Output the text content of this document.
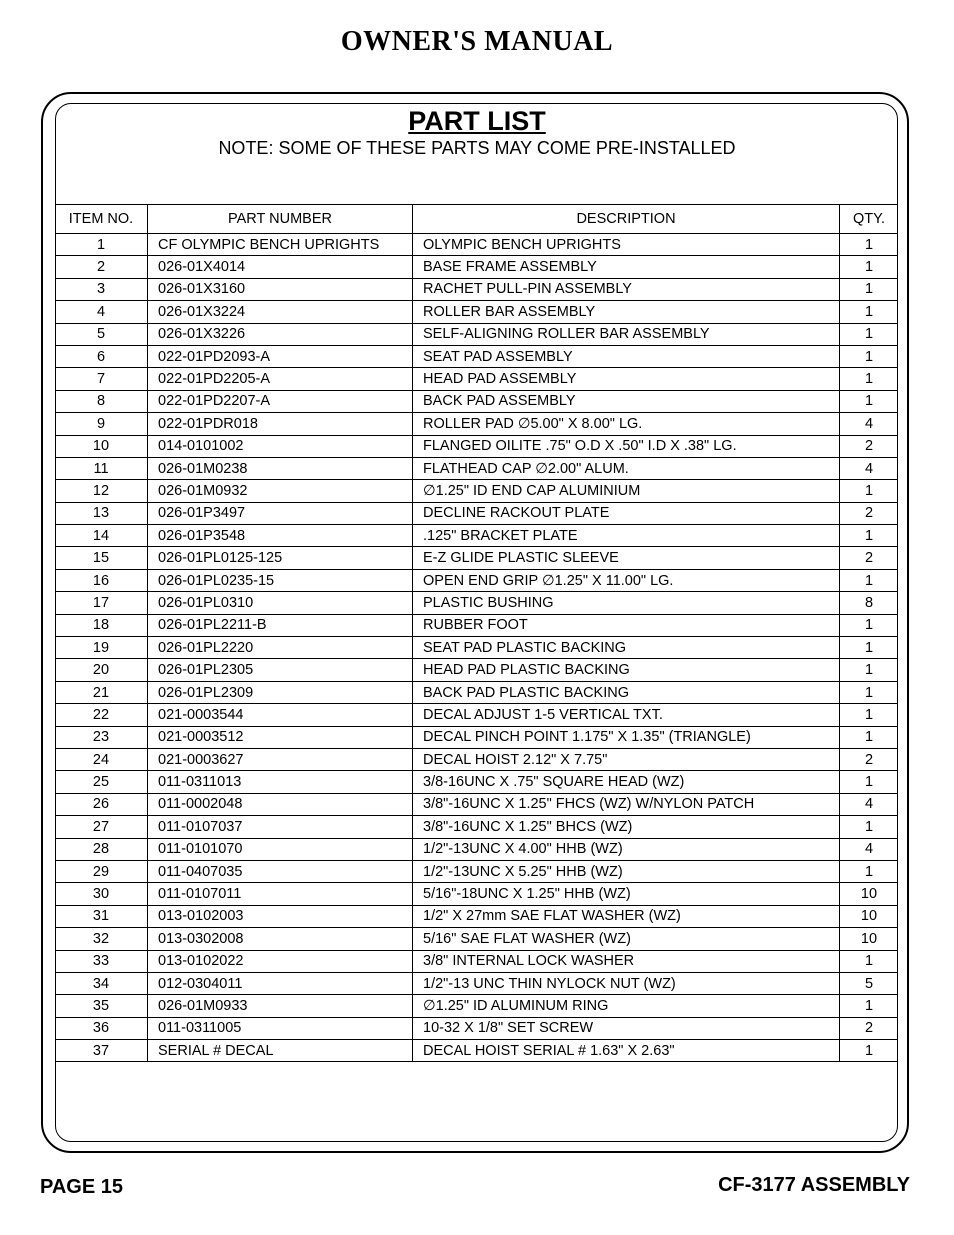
OWNER'S MANUAL
PART LIST
NOTE: SOME OF THESE PARTS MAY COME PRE-INSTALLED
ITEM NO.	PART NUMBER	DESCRIPTION	QTY.
1	CF OLYMPIC BENCH UPRIGHTS	OLYMPIC BENCH UPRIGHTS	1
2	026-01X4014	BASE FRAME ASSEMBLY	1
3	026-01X3160	RACHET PULL-PIN ASSEMBLY	1
4	026-01X3224	ROLLER BAR ASSEMBLY	1
5	026-01X3226	SELF-ALIGNING ROLLER BAR ASSEMBLY	1
6	022-01PD2093-A	SEAT PAD ASSEMBLY	1
7	022-01PD2205-A	HEAD PAD ASSEMBLY	1
8	022-01PD2207-A	BACK PAD ASSEMBLY	1
9	022-01PDR018	ROLLER PAD ∅5.00" X 8.00" LG.	4
10	014-0101002	FLANGED OILITE .75" O.D X .50" I.D X .38" LG.	2
11	026-01M0238	FLATHEAD CAP ∅2.00" ALUM.	4
12	026-01M0932	∅1.25" ID END CAP ALUMINIUM	1
13	026-01P3497	DECLINE RACKOUT PLATE	2
14	026-01P3548	.125" BRACKET PLATE	1
15	026-01PL0125-125	E-Z GLIDE PLASTIC SLEEVE	2
16	026-01PL0235-15	OPEN END GRIP ∅1.25" X 11.00" LG.	1
17	026-01PL0310	PLASTIC BUSHING	8
18	026-01PL2211-B	RUBBER FOOT	1
19	026-01PL2220	SEAT PAD PLASTIC BACKING	1
20	026-01PL2305	HEAD PAD PLASTIC BACKING	1
21	026-01PL2309	BACK PAD PLASTIC BACKING	1
22	021-0003544	DECAL ADJUST 1-5 VERTICAL TXT.	1
23	021-0003512	DECAL PINCH POINT 1.175" X 1.35" (TRIANGLE)	1
24	021-0003627	DECAL HOIST 2.12" X 7.75"	2
25	011-0311013	3/8-16UNC X .75" SQUARE HEAD (WZ)	1
26	011-0002048	3/8"-16UNC X 1.25" FHCS (WZ) W/NYLON PATCH	4
27	011-0107037	3/8"-16UNC X 1.25" BHCS (WZ)	1
28	011-0101070	1/2"-13UNC X 4.00" HHB (WZ)	4
29	011-0407035	1/2"-13UNC X 5.25" HHB (WZ)	1
30	011-0107011	5/16"-18UNC X 1.25" HHB (WZ)	10
31	013-0102003	1/2" X 27mm SAE FLAT WASHER (WZ)	10
32	013-0302008	5/16" SAE FLAT WASHER (WZ)	10
33	013-0102022	3/8" INTERNAL LOCK WASHER	1
34	012-0304011	1/2"-13 UNC THIN NYLOCK NUT (WZ)	5
35	026-01M0933	∅1.25" ID ALUMINUM RING	1
36	011-0311005	10-32 X 1/8" SET SCREW	2
37	SERIAL # DECAL	DECAL HOIST SERIAL # 1.63" X 2.63"	1
PAGE 15	CF-3177 ASSEMBLY
